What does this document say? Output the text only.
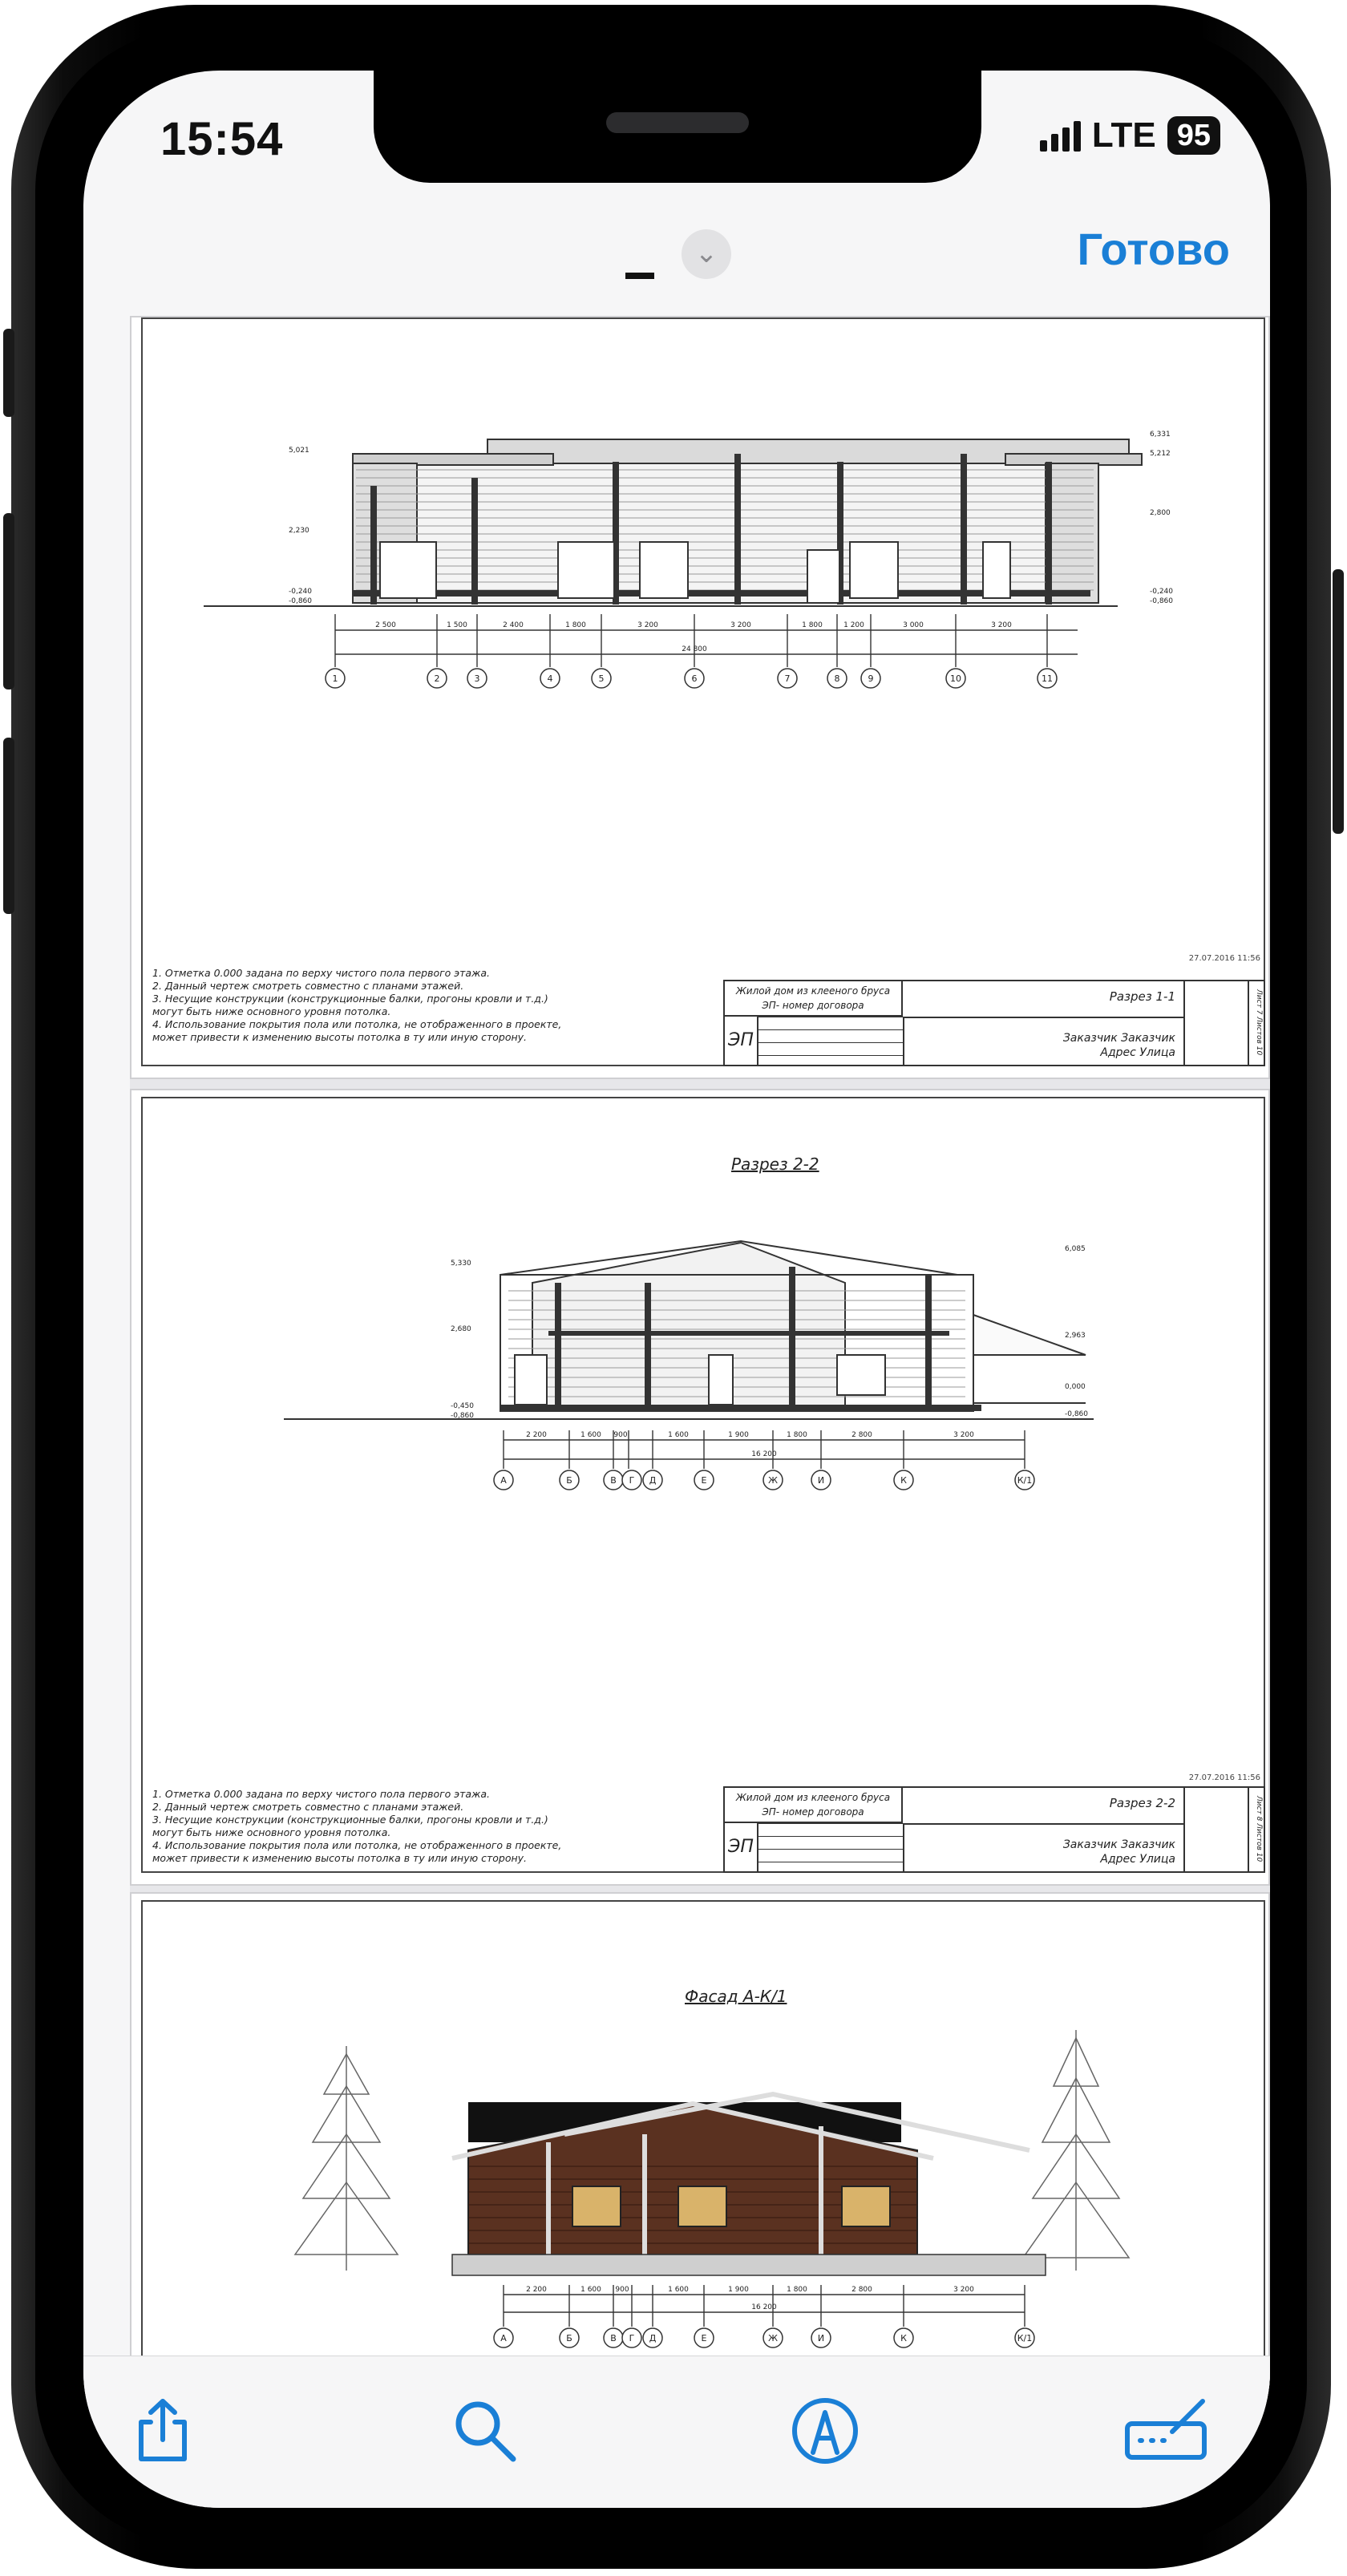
15:54	LTE 95
⌄	Готово
1	2	3	4	5	6	7	8	9	10	11
2 500	1 500	2 400	1 800	3 200	3 200	1 800	1 200	3 000	3 200
24 800
5,021
2,230
-0,240
-0,860
6,331
5,212
2,800
-0,240
-0,860
27.07.2016 11:56
1. Отметка 0.000 задана по верху чистого пола первого этажа.
2. Данный чертеж смотреть совместно с планами этажей.
3. Несущие конструкции (конструкционные балки, прогоны кровли и т.д.)
могут быть ниже основного уровня потолка.
4. Использование покрытия пола или потолка, не отображенного в проекте,
может привести к изменению высоты потолка в ту или иную сторону.
Жилой дом из клееного бруса
ЭП- номер договора
ЭП
Разрез 1-1
Заказчик Заказчик
Адрес Улица	Лист 7 Листов 10
Разрез 2-2
А	Б	В Г Д	Е	Ж	И	К	К/1
2 200	1 600 900	1 600	1 900	1 800	2 800	3 200
16 200
5,330
2,680
-0,450
-0,860
6,085
2,963
0,000
-0,860
27.07.2016 11:56
1. Отметка 0.000 задана по верху чистого пола первого этажа.
2. Данный чертеж смотреть совместно с планами этажей.
3. Несущие конструкции (конструкционные балки, прогоны кровли и т.д.)
могут быть ниже основного уровня потолка.
4. Использование покрытия пола или потолка, не отображенного в проекте,
может привести к изменению высоты потолка в ту или иную сторону.
Жилой дом из клееного бруса
ЭП- номер договора
ЭП
Разрез 2-2
Заказчик Заказчик
Адрес Улица	Лист 8 Листов 10
Фасад А-К/1
А	Б	В Г Д	Е	Ж	И	К	К/1
2 200	1 600 900	1 600	1 900	1 800	2 800	3 200
16 200
